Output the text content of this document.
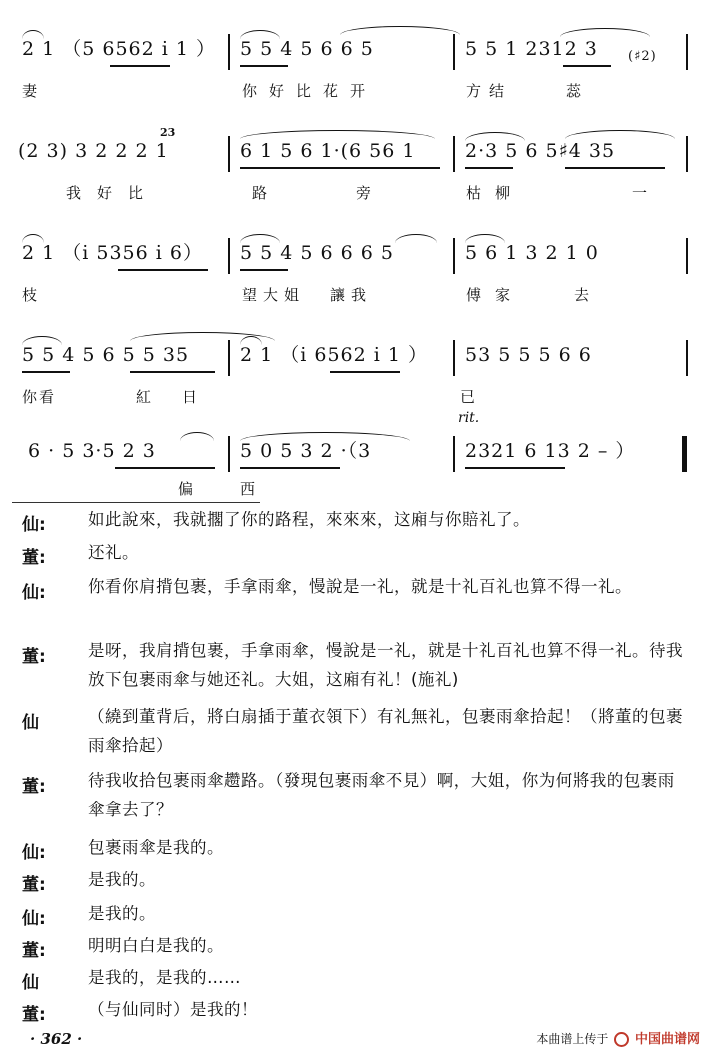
2 1 （5 6562 i̇ 1 ） 5 5 4 5 6 6 5	5 5 1 2312 3 (♯2)
妻	你好比花开	方结	蕊
(2 3) 3 2 2 2 1
23
6 1 5 6 1·(6 56 1	2·3 5 6 5♯4 35
我好比	路	旁	枯柳	一
2 1 （i̇ 5356 i̇ 6） 5 5 4 5 6 6 6 5	5 6 1 3 2 1 0
枝	望大姐 讓我	傅家	去
5 5 4 5 6 5 5 35	2 1 （i̇ 6562 i̇ 1 ） 53 5 5 5 6 6
你看	紅 日	已
rit.
6 · 5 3·5 2 3	5 0 5 3 2 ·（3	2321 6 13 2 – ）
偏	西
仙:	如此說來，我就擱了你的路程，來來來，这廂与你賠礼了。
董:	还礼。
仙:	你看你肩揹包裹，手拿雨傘，慢說是一礼，就是十礼百礼也算不得一礼。
董:	是呀，我肩揹包裹，手拿雨傘，慢說是一礼，就是十礼百礼也算不得一礼。待我放下包裹雨傘与她还礼。大姐，这廂有礼！(施礼)
仙	（繞到董背后，將白扇插于董衣領下）有礼無礼，包裹雨傘拾起！（將董的包裹雨傘拾起）
董:	待我收拾包裹雨傘趱路。（發現包裹雨傘不見）啊，大姐，你为何將我的包裹雨傘拿去了？
仙:	包裹雨傘是我的。
董:	是我的。
仙:	是我的。
董:	明明白白是我的。
仙	是我的，是我的……
董:	（与仙同时）是我的！
· 362 ·	本曲谱上传于 中国曲谱网
